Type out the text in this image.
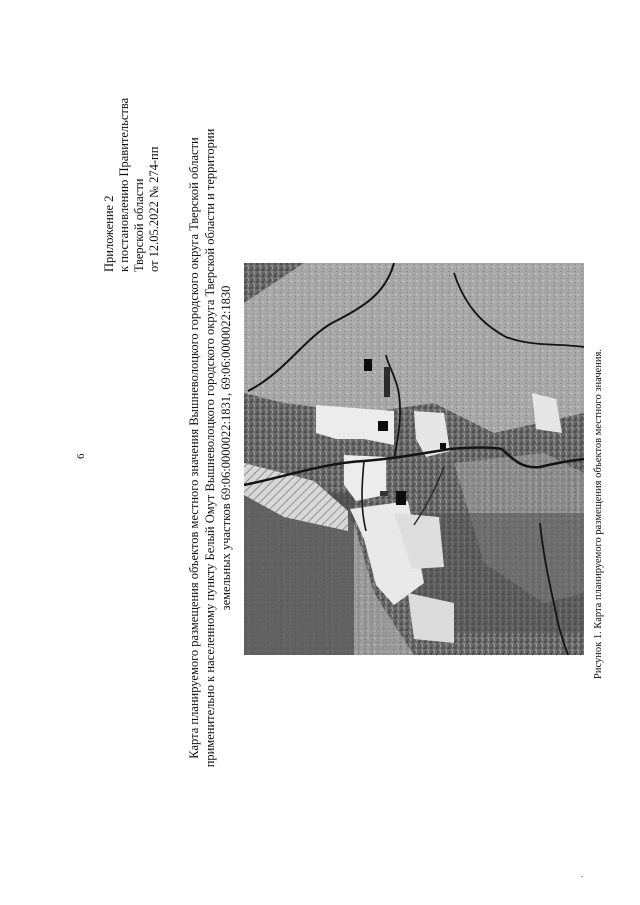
6
Приложение 2 к постановлению Правительства Тверской области от 12.05.2022 № 274-пп Карта планируемого размещения объектов местного значения Вышневолоцкого городского округа Тверской области применительно к населенному пункту Белый Омут Вышневолоцкого городского округа Тверской области и территории земельных участков 69:06:0000022:1831, 69:06:0000022:1830	Рисунок 1. Карта планируемого размещения объектов местного значения.
